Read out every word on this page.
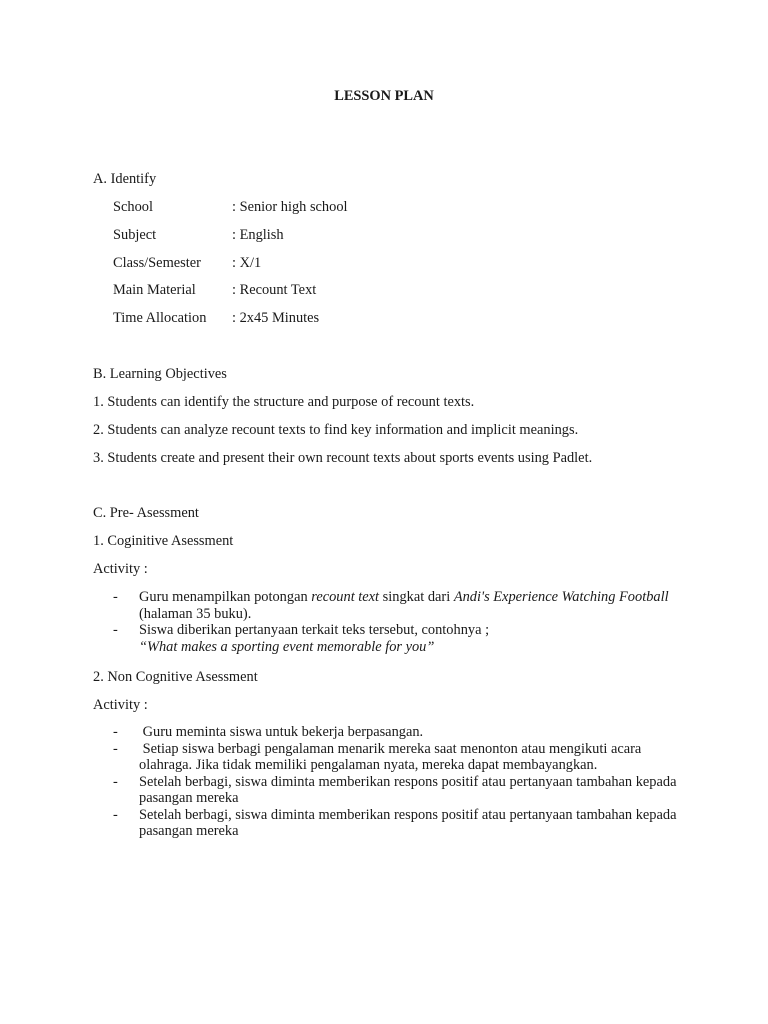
LESSON PLAN
A. Identify
School	: Senior high school
Subject	: English
Class/Semester : X/1
Main Material	: Recount Text
Time Allocation : 2x45 Minutes
B. Learning Objectives
1. Students can identify the structure and purpose of recount texts.
2. Students can analyze recount texts to find key information and implicit meanings.
3. Students create and present their own recount texts about sports events using Padlet.
C. Pre- Asessment
1. Coginitive Asessment
Activity :
-	Guru menampilkan potongan recount text singkat dari Andi's Experience Watching Football (halaman 35 buku).
-	Siswa diberikan pertanyaan terkait teks tersebut, contohnya ;
“What makes a sporting event memorable for you”
2. Non Cognitive Asessment
Activity :
-	Guru meminta siswa untuk bekerja berpasangan.
-	Setiap siswa berbagi pengalaman menarik mereka saat menonton atau mengikuti acara olahraga. Jika tidak memiliki pengalaman nyata, mereka dapat membayangkan.
-	Setelah berbagi, siswa diminta memberikan respons positif atau pertanyaan tambahan kepada pasangan mereka
-	Setelah berbagi, siswa diminta memberikan respons positif atau pertanyaan tambahan kepada pasangan mereka
